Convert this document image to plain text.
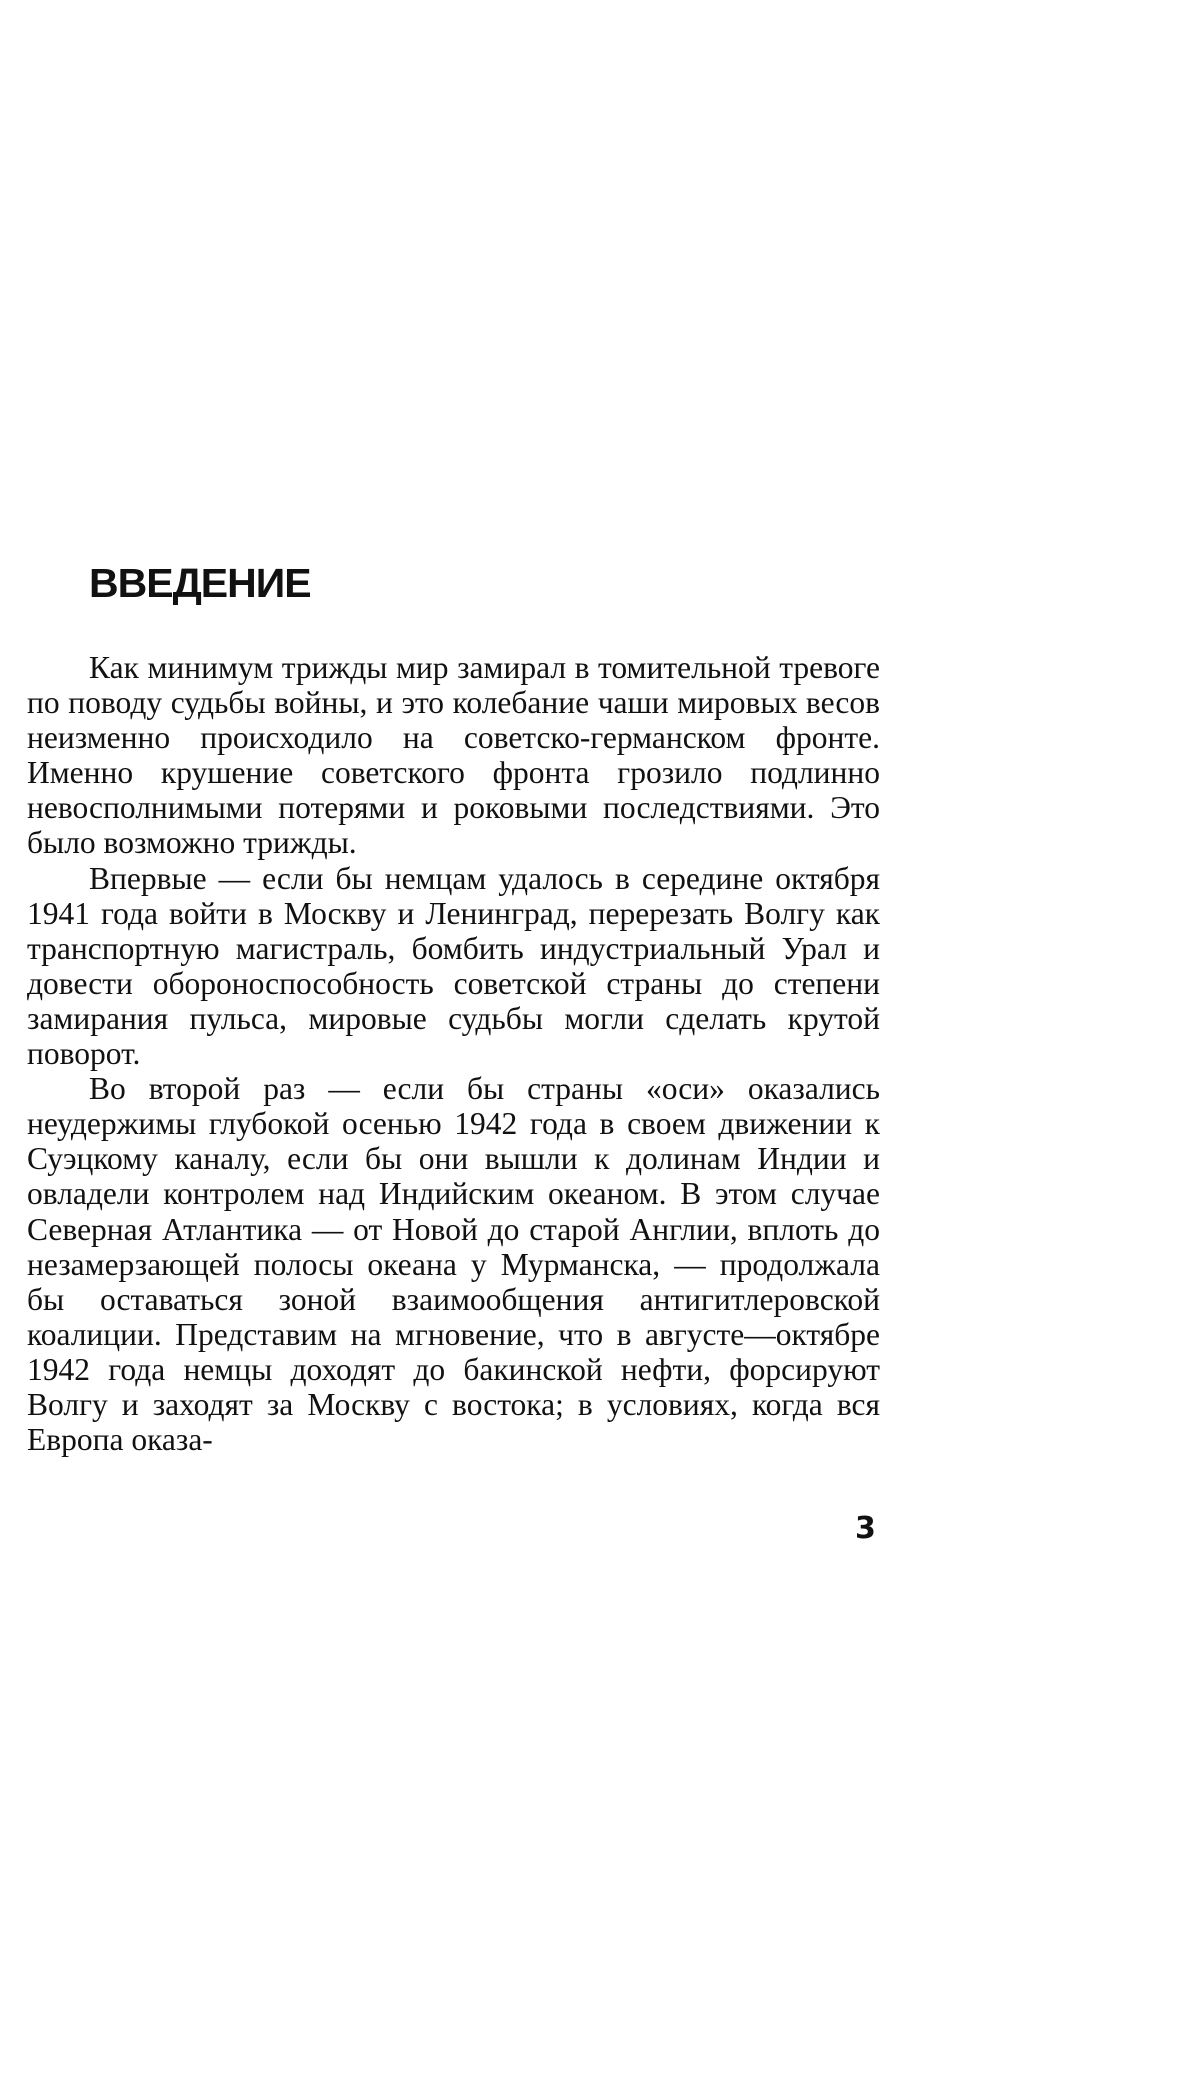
ВВЕДЕНИЕ

Как минимум трижды мир замирал в томительной тревоге по поводу судьбы войны, и это колебание чаши мировых весов неизменно происходило на советско-германском фронте. Именно крушение советского фронта грозило подлинно невосполнимыми потерями и роковыми последствиями. Это было возможно трижды.

Впервые — если бы немцам удалось в середине октября 1941 года войти в Москву и Ленинград, перерезать Волгу как транспортную магистраль, бомбить индустриальный Урал и довести обороноспособность советской страны до степени замирания пульса, мировые судьбы могли сделать крутой поворот.

Во второй раз — если бы страны «оси» оказались неудержимы глубокой осенью 1942 года в своем движении к Суэцкому каналу, если бы они вышли к долинам Индии и овладели контролем над Индийским океаном. В этом случае Северная Атлантика — от Новой до старой Англии, вплоть до незамерзающей полосы океана у Мурманска, — продолжала бы оставаться зоной взаимообщения антигитлеровской коалиции. Представим на мгновение, что в августе—октябре 1942 года немцы доходят до бакинской нефти, форсируют Волгу и заходят за Москву с востока; в условиях, когда вся Европа оказа-

3
